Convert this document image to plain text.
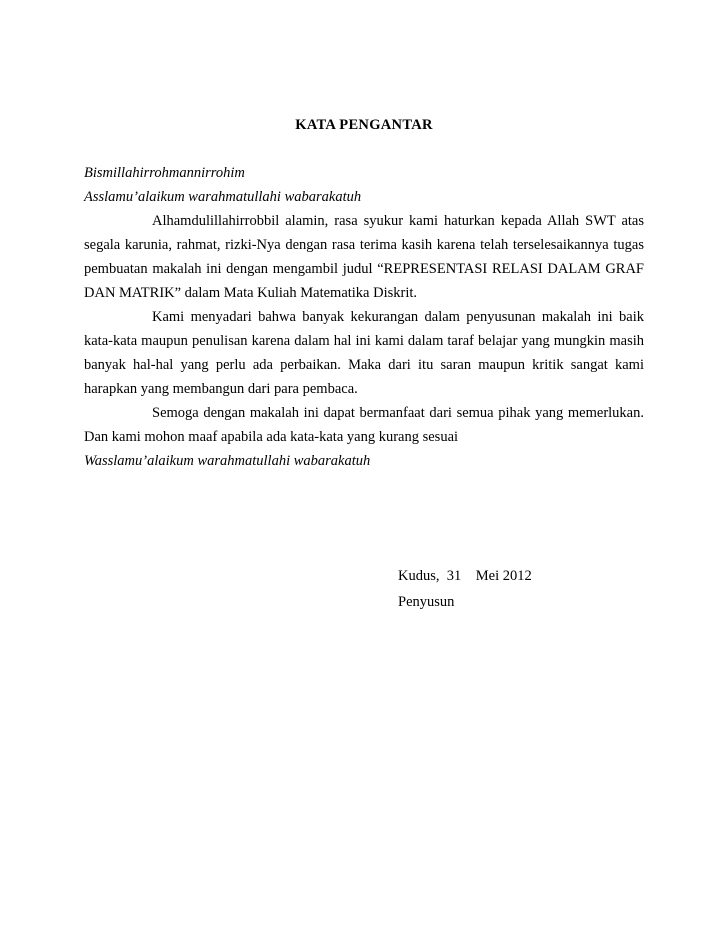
KATA PENGANTAR

Bismillahirrohmannirrohim

Asslamu’alaikum warahmatullahi wabarakatuh

Alhamdulillahirrobbil alamin, rasa syukur kami haturkan kepada Allah SWT atas segala karunia, rahmat, rizki-Nya dengan rasa terima kasih karena telah terselesaikannya tugas pembuatan makalah ini dengan mengambil judul “REPRESENTASI RELASI DALAM GRAF DAN MATRIK” dalam Mata Kuliah Matematika Diskrit.

Kami menyadari bahwa banyak kekurangan dalam penyusunan makalah ini baik kata-kata maupun penulisan karena dalam hal ini kami dalam taraf belajar yang mungkin masih banyak hal-hal yang perlu ada perbaikan. Maka dari itu saran maupun kritik sangat kami harapkan yang membangun dari para pembaca.

Semoga dengan makalah ini dapat bermanfaat dari semua pihak yang memerlukan. Dan kami mohon maaf apabila ada kata-kata yang kurang sesuai

Wasslamu’alaikum warahmatullahi wabarakatuh

Kudus,  31    Mei 2012
Penyusun
